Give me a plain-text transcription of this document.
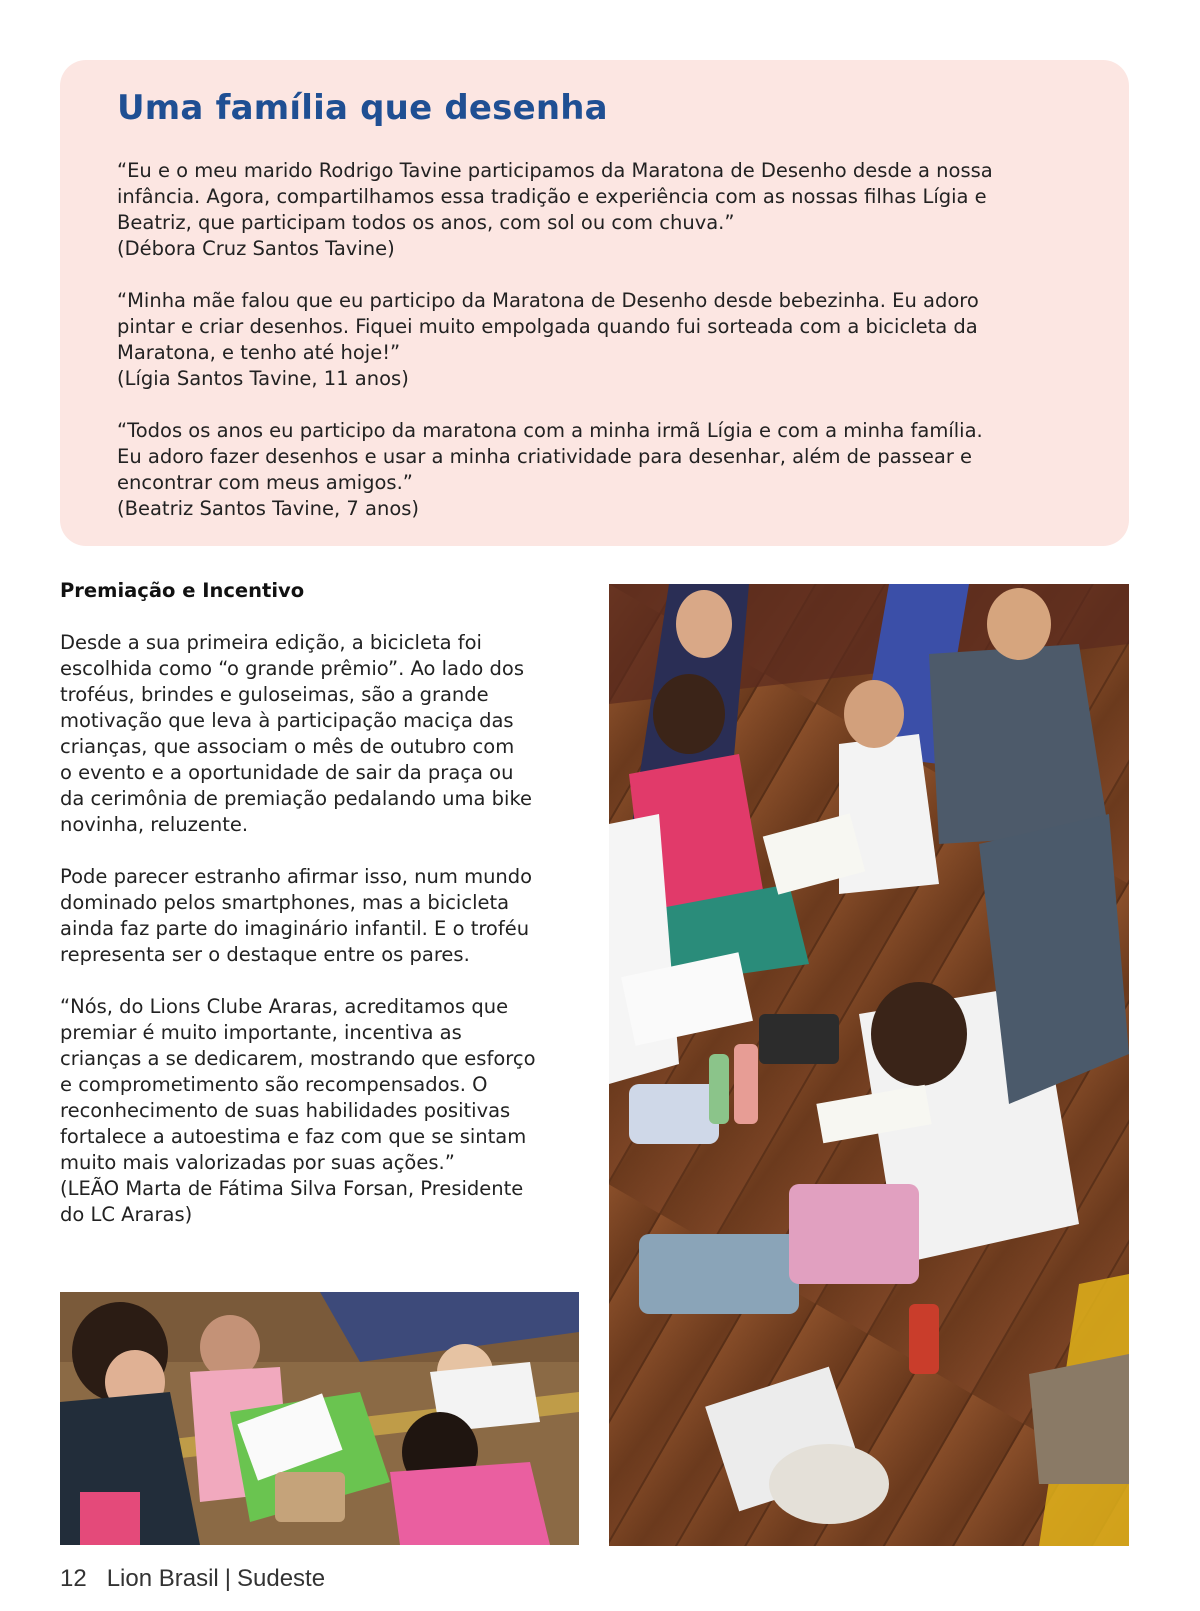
Uma família que desenha
“Eu e o meu marido Rodrigo Tavine participamos da Maratona de Desenho desde a nossa
infância. Agora, compartilhamos essa tradição e experiência com as nossas filhas Lígia e
Beatriz, que participam todos os anos, com sol ou com chuva.”
(Débora Cruz Santos Tavine)
“Minha mãe falou que eu participo da Maratona de Desenho desde bebezinha. Eu adoro
pintar e criar desenhos. Fiquei muito empolgada quando fui sorteada com a bicicleta da
Maratona, e tenho até hoje!”
(Lígia Santos Tavine, 11 anos)
“Todos os anos eu participo da maratona com a minha irmã Lígia e com a minha família.
Eu adoro fazer desenhos e usar a minha criatividade para desenhar, além de passear e
encontrar com meus amigos.”
(Beatriz Santos Tavine, 7 anos)
Premiação e Incentivo

Desde a sua primeira edição, a bicicleta foi
escolhida como “o grande prêmio”. Ao lado dos
troféus, brindes e guloseimas, são a grande
motivação que leva à participação maciça das
crianças, que associam o mês de outubro com
o evento e a oportunidade de sair da praça ou
da cerimônia de premiação pedalando uma bike
novinha, reluzente.

Pode parecer estranho afirmar isso, num mundo
dominado pelos smartphones, mas a bicicleta
ainda faz parte do imaginário infantil. E o troféu
representa ser o destaque entre os pares.

“Nós, do Lions Clube Araras, acreditamos que
premiar é muito importante, incentiva as
crianças a se dedicarem, mostrando que esforço
e comprometimento são recompensados. O
reconhecimento de suas habilidades positivas
fortalece a autoestima e faz com que se sintam
muito mais valorizadas por suas ações.”
(LEÃO Marta de Fátima Silva Forsan, Presidente
do LC Araras)

12 Lion Brasil | Sudeste
